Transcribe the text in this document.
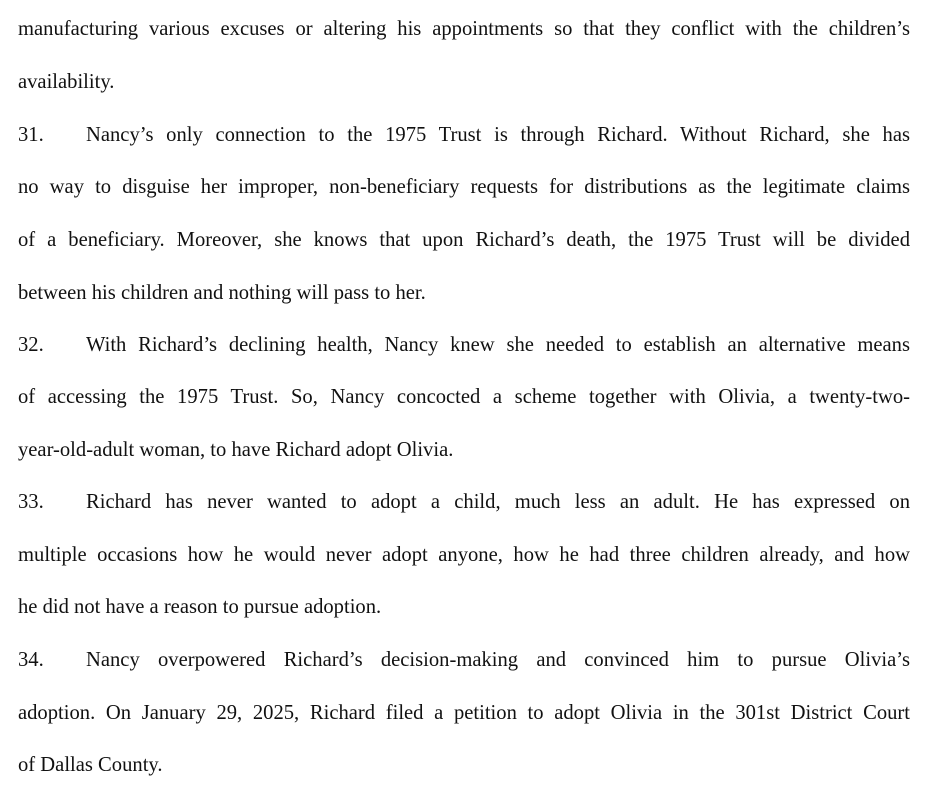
manufacturing various excuses or altering his appointments so that they conflict with the children’s
availability.
31. Nancy’s only connection to the 1975 Trust is through Richard. Without Richard, she has
no way to disguise her improper, non-beneficiary requests for distributions as the legitimate claims
of a beneficiary. Moreover, she knows that upon Richard’s death, the 1975 Trust will be divided
between his children and nothing will pass to her.
32. With Richard’s declining health, Nancy knew she needed to establish an alternative means
of accessing the 1975 Trust. So, Nancy concocted a scheme together with Olivia, a twenty-two-
year-old-adult woman, to have Richard adopt Olivia.
33. Richard has never wanted to adopt a child, much less an adult. He has expressed on
multiple occasions how he would never adopt anyone, how he had three children already, and how
he did not have a reason to pursue adoption.
34. Nancy overpowered Richard’s decision-making and convinced him to pursue Olivia’s
adoption. On January 29, 2025, Richard filed a petition to adopt Olivia in the 301st District Court
of Dallas County.
